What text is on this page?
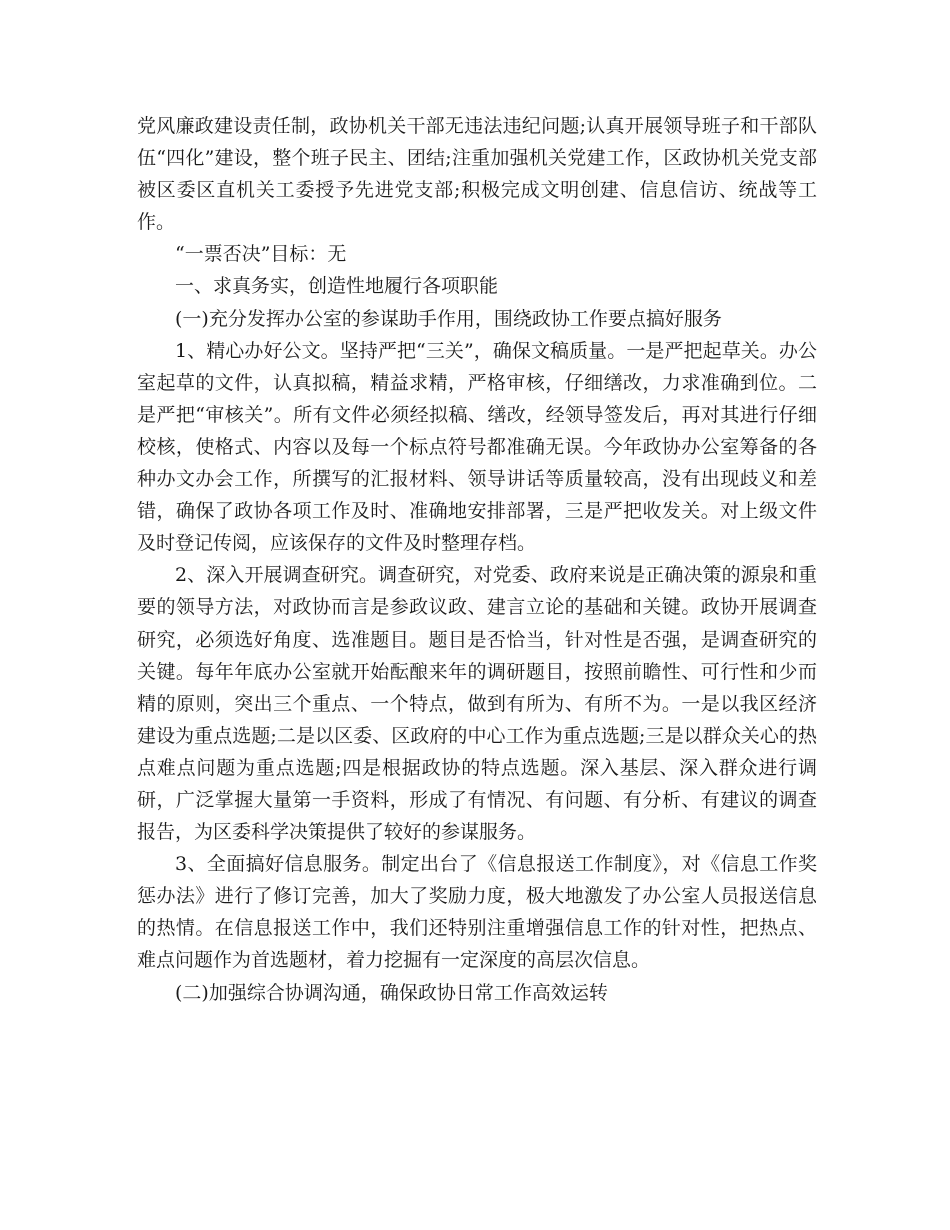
党风廉政建设责任制，政协机关干部无违法违纪问题;认真开展领导班子和干部队伍“四化”建设，整个班子民主、团结;注重加强机关党建工作，区政协机关党支部被区委区直机关工委授予先进党支部;积极完成文明创建、信息信访、统战等工作。

“一票否决”目标：无

一、求真务实，创造性地履行各项职能

(一)充分发挥办公室的参谋助手作用，围绕政协工作要点搞好服务

1、精心办好公文。坚持严把“三关”，确保文稿质量。一是严把起草关。办公室起草的文件，认真拟稿，精益求精，严格审核，仔细缮改，力求准确到位。二是严把“审核关”。所有文件必须经拟稿、缮改，经领导签发后，再对其进行仔细校核，使格式、内容以及每一个标点符号都准确无误。今年政协办公室筹备的各种办文办会工作，所撰写的汇报材料、领导讲话等质量较高，没有出现歧义和差错，确保了政协各项工作及时、准确地安排部署，三是严把收发关。对上级文件及时登记传阅，应该保存的文件及时整理存档。

2、深入开展调查研究。调查研究，对党委、政府来说是正确决策的源泉和重要的领导方法，对政协而言是参政议政、建言立论的基础和关键。政协开展调查研究，必须选好角度、选准题目。题目是否恰当，针对性是否强，是调查研究的关键。每年年底办公室就开始酝酿来年的调研题目，按照前瞻性、可行性和少而精的原则，突出三个重点、一个特点，做到有所为、有所不为。一是以我区经济建设为重点选题;二是以区委、区政府的中心工作为重点选题;三是以群众关心的热点难点问题为重点选题;四是根据政协的特点选题。深入基层、深入群众进行调研，广泛掌握大量第一手资料，形成了有情况、有问题、有分析、有建议的调查报告，为区委科学决策提供了较好的参谋服务。

3、全面搞好信息服务。制定出台了《信息报送工作制度》，对《信息工作奖惩办法》进行了修订完善，加大了奖励力度，极大地激发了办公室人员报送信息的热情。在信息报送工作中，我们还特别注重增强信息工作的针对性，把热点、难点问题作为首选题材，着力挖掘有一定深度的高层次信息。

(二)加强综合协调沟通，确保政协日常工作高效运转
